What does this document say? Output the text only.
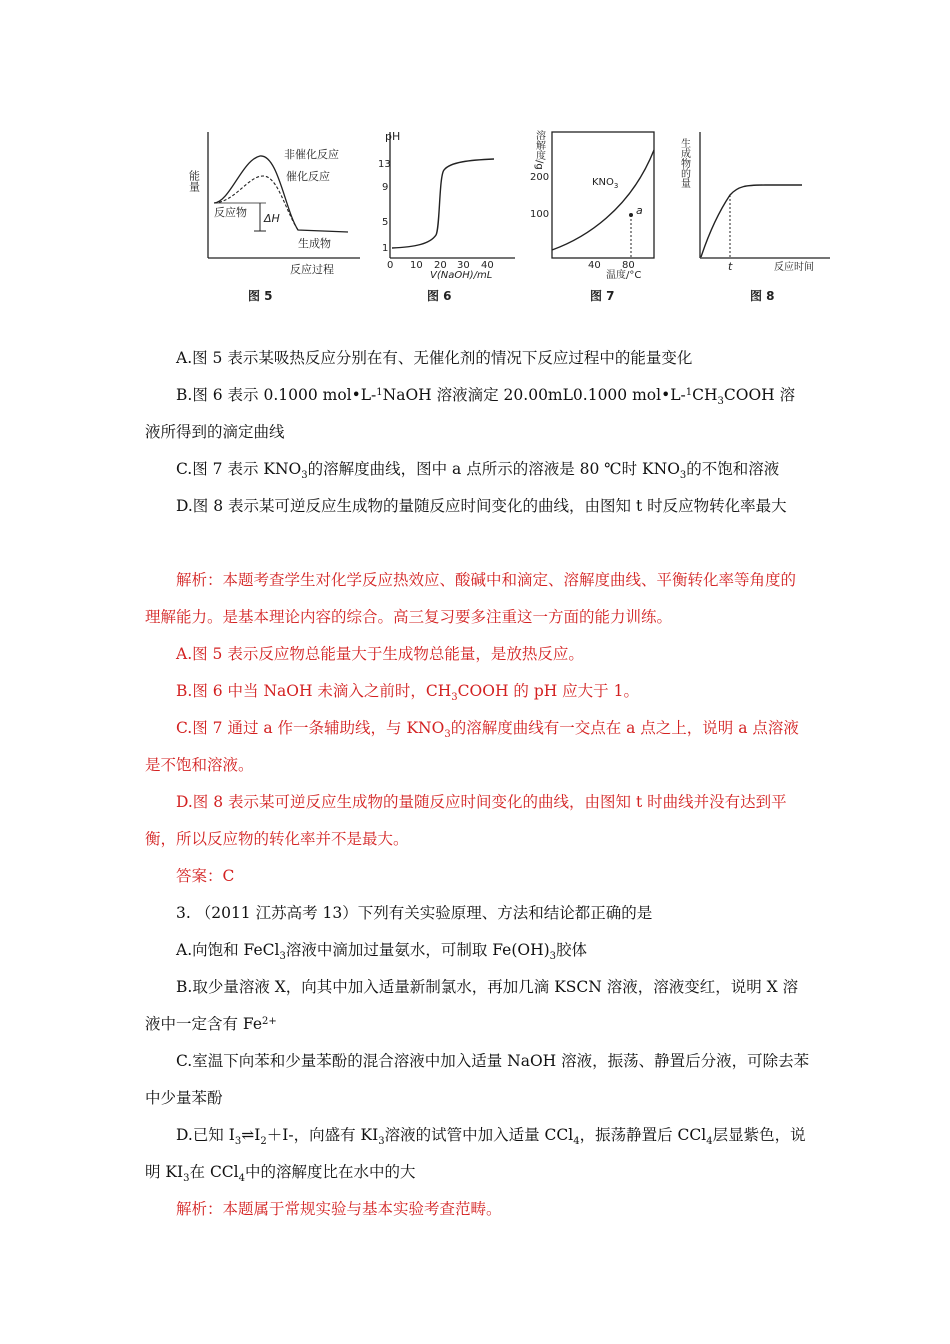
能量
反应过程
非催化反应
催化反应
反应物 ΔH
生成物
图 5
pH
1
5
9
13
0 10 20 30 40
V(NaOH)/mL
图 6
溶解度/g
200
100
40 80
$KNO_3$
a
温度/°C
图 7
生成物的量
t	反应时间
图 8

A.图 5 表示某吸热反应分别在有、无催化剂的情况下反应过程中的能量变化

B.图 6 表示 0.1000 mol•L-$^1$NaOH 溶液滴定 20.00mL0.1000 $mol•L-^1CH_3COOH$ 溶液所得到的滴定曲线

C.图 7 表示 $KNO_3$的溶解度曲线，图中 a 点所示的溶液是 80 ℃时 $KNO_3$的不饱和溶液

D.图 8 表示某可逆反应生成物的量随反应时间变化的曲线，由图知 t 时反应物转化率最大

解析：本题考查学生对化学反应热效应、酸碱中和滴定、溶解度曲线、平衡转化率等角度的理解能力。是基本理论内容的综合。高三复习要多注重这一方面的能力训练。

A.图 5 表示反应物总能量大于生成物总能量，是放热反应。

B.图 6 中当 NaOH 未滴入之前时，$CH_3COOH$ 的 pH 应大于 1。

C.图 7 通过 a 作一条辅助线，与 $KNO_3$的溶解度曲线有一交点在 a 点之上，说明 a 点溶液是不饱和溶液。

D.图 8 表示某可逆反应生成物的量随反应时间变化的曲线，由图知 t 时曲线并没有达到平衡，所以反应物的转化率并不是最大。

答案：C

3. （2011 江苏高考 13）下列有关实验原理、方法和结论都正确的是

A.向饱和 FeCl$_3$溶液中滴加过量氨水，可制取 $Fe(OH)_3$胶体

B.取少量溶液 X，向其中加入适量新制氯水，再加几滴 KSCN 溶液，溶液变红，说明 X 溶液中一定含有 $Fe^{2+}$

C.室温下向苯和少量苯酚的混合溶液中加入适量 NaOH 溶液，振荡、静置后分液，可除去苯中少量苯酚

D.已知 $I_3\rightleftharpoons I_2+I-$，向盛有 $KI_3$溶液的试管中加入适量 CCl$_4$，振荡静置后 CCl$_4$层显紫色，说明 $KI_3$在 CCl$_4$中的溶解度比在水中的大

解析：本题属于常规实验与基本实验考查范畴。
